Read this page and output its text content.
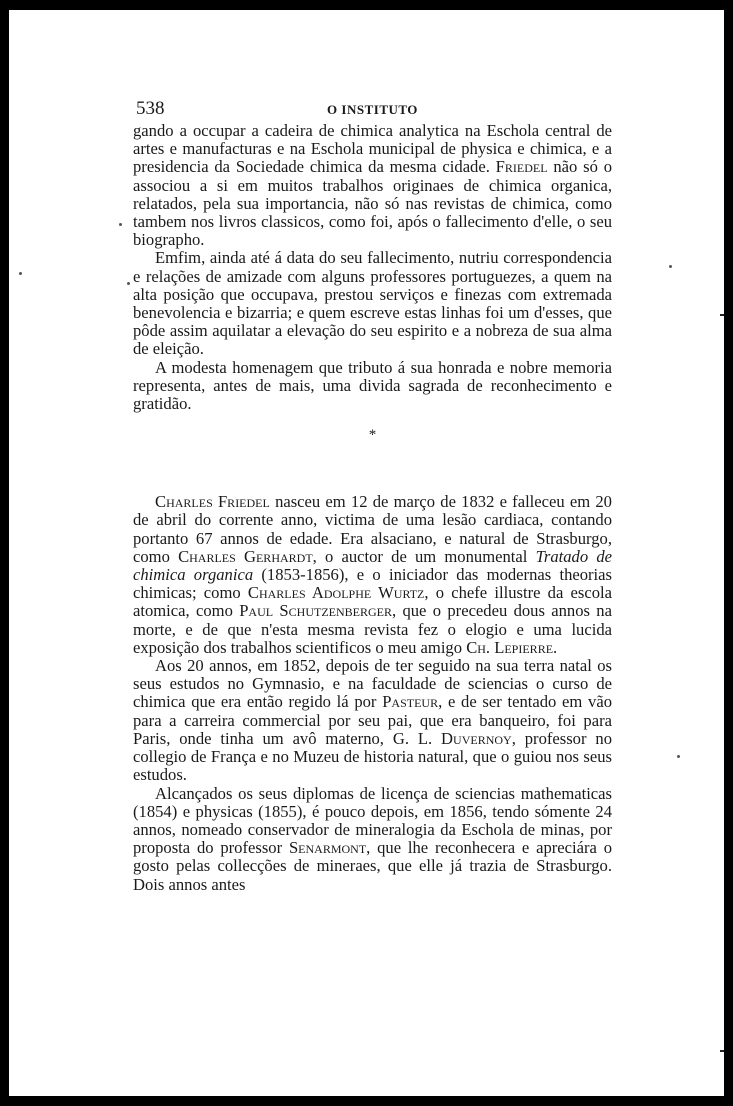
538	O INSTITUTO

gando a occupar a cadeira de chimica analytica na Eschola central de artes e manufacturas e na Eschola municipal de physica e chimica, e a presidencia da Sociedade chimica da mesma cidade. Friedel não só o associou a si em muitos trabalhos originaes de chimica organica, relatados, pela sua importancia, não só nas revistas de chimica, como tambem nos livros classicos, como foi, após o fallecimento d'elle, o seu biographo.

Emfim, ainda até á data do seu fallecimento, nutriu correspondencia e relações de amizade com alguns professores portuguezes, a quem na alta posição que occupava, prestou serviços e finezas com extremada benevolencia e bizarria; e quem escreve estas linhas foi um d'esses, que pôde assim aquilatar a elevação do seu espirito e a nobreza de sua alma de eleição.

A modesta homenagem que tributo á sua honrada e nobre memoria representa, antes de mais, uma divida sagrada de reconhecimento e gratidão.

*

Charles Friedel nasceu em 12 de março de 1832 e falleceu em 20 de abril do corrente anno, victima de uma lesão cardiaca, contando portanto 67 annos de edade. Era alsaciano, e natural de Strasburgo, como Charles Gerhardt, o auctor de um monumental Tratado de chimica organica (1853-1856), e o iniciador das modernas theorias chimicas; como Charles Adolphe Wurtz, o chefe illustre da escola atomica, como Paul Schutzenberger, que o precedeu dous annos na morte, e de que n'esta mesma revista fez o elogio e uma lucida exposição dos trabalhos scientificos o meu amigo Ch. Lepierre.

Aos 20 annos, em 1852, depois de ter seguido na sua terra natal os seus estudos no Gymnasio, e na faculdade de sciencias o curso de chimica que era então regido lá por Pasteur, e de ser tentado em vão para a carreira commercial por seu pai, que era banqueiro, foi para Paris, onde tinha um avô materno, G. L. Duvernoy, professor no collegio de França e no Muzeu de historia natural, que o guiou nos seus estudos.

Alcançados os seus diplomas de licença de sciencias mathematicas (1854) e physicas (1855), é pouco depois, em 1856, tendo sómente 24 annos, nomeado conservador de mineralogia da Eschola de minas, por proposta do professor Senarmont, que lhe reconhecera e apreciára o gosto pelas collecções de mineraes, que elle já trazia de Strasburgo. Dois annos antes
